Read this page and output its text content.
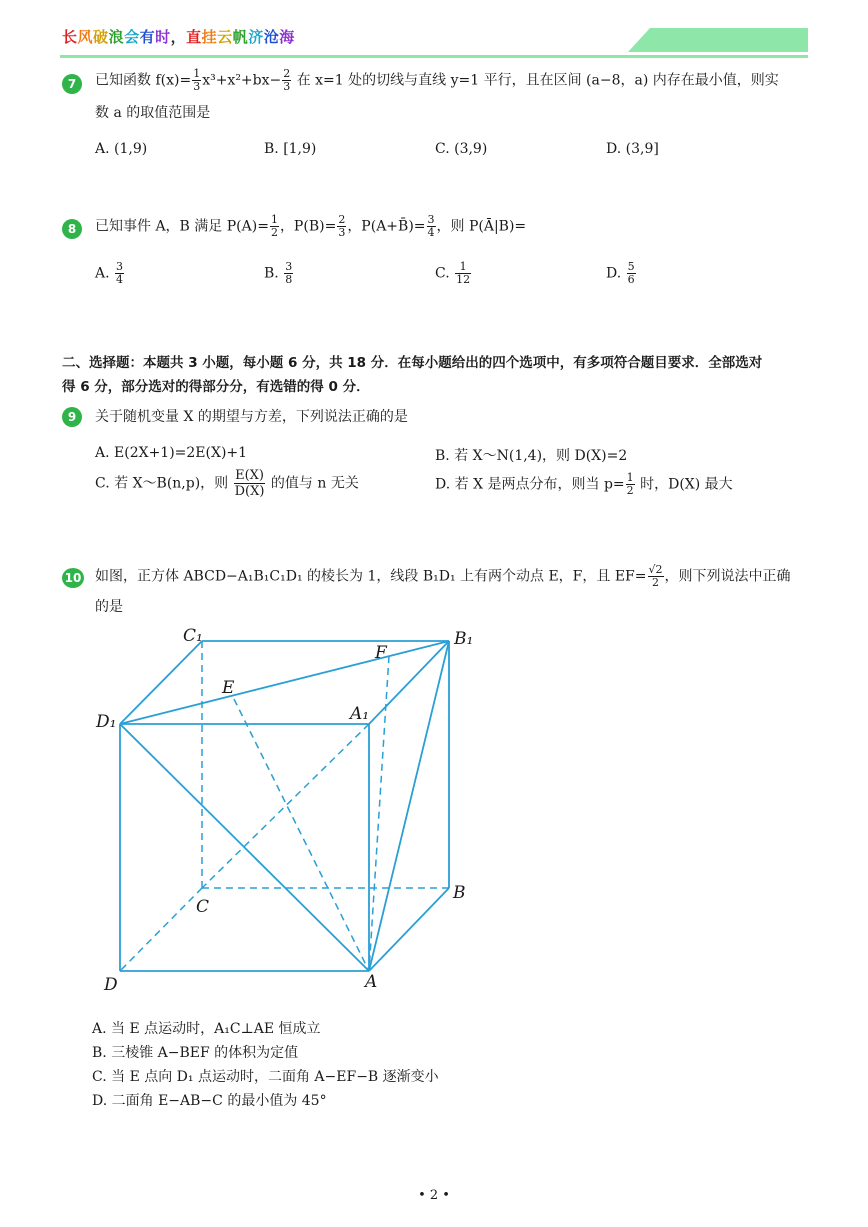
长风破浪会有时，直挂云帆济沧海
7	已知函数 $f(x)= \frac{1}{3} x^3+x^2+bx- \frac{2}{3}$ 在 x=1 处的切线与直线 y=1 平行，且在区间 (a−8，a) 内存在最小值，则实
数 a 的取值范围是
A. (1,9)	B. [1,9)	C. (3,9)	D. (3,9]
8	已知事件 A，B 满足 $P(A)= \frac{1}{2}$ ，$P(B)= \frac{2}{3}$ ，P(A+B̄)= $\frac{3}{4}$ ，则 P(Ā|B)=
A. $\frac{3}{4}$	B. $\frac{3}{8}$	C. $\frac{1}{12}$	D. $\frac{5}{6}$
二、选择题：本题共 3 小题，每小题 6 分，共 18 分．在每小题给出的四个选项中，有多项符合题目要求．全部选对
得 6 分，部分选对的得部分分，有选错的得 0 分．
9	关于随机变量 X 的期望与方差，下列说法正确的是
A. E(2X+1)=2E(X)+1	B. 若 X～N(1,4)，则 D(X)=2
C. 若 X～B(n,p)，则 $\frac{E(X)}{D(X)}$ 的值与 n 无关	D. 若 X 是两点分布，则当 $p= \frac{1}{2}$ 时，D(X) 最大
10 如图，正方体 ABCD−A₁B₁C₁D₁ 的棱长为 1，线段 B₁D₁ 上有两个动点 E，F，且 $EF= \frac{√2}{2}$ ，则下列说法中正确
的是
C₁	B₁
F
E
D₁	A₁
C
B
D	A
A. 当 E 点运动时，A₁C⊥AE 恒成立
B. 三棱锥 A−BEF 的体积为定值
C. 当 E 点向 D₁ 点运动时，二面角 A−EF−B 逐渐变小
D. 二面角 E−AB−C 的最小值为 45°
• 2 •
